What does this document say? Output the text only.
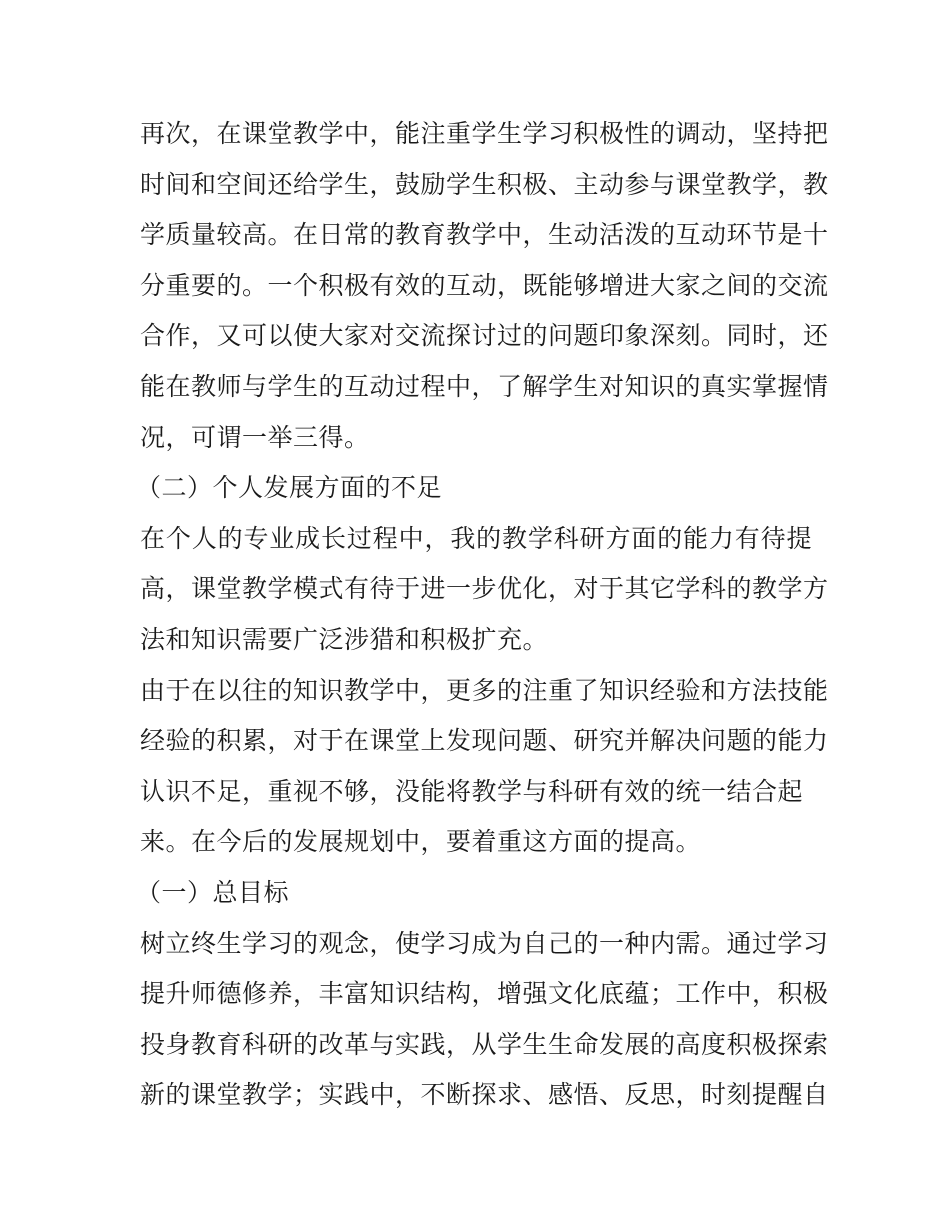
再次，在课堂教学中，能注重学生学习积极性的调动，坚持把
时间和空间还给学生，鼓励学生积极、主动参与课堂教学，教
学质量较高。在日常的教育教学中，生动活泼的互动环节是十
分重要的。一个积极有效的互动，既能够增进大家之间的交流
合作，又可以使大家对交流探讨过的问题印象深刻。同时，还
能在教师与学生的互动过程中，了解学生对知识的真实掌握情
况，可谓一举三得。
（二）个人发展方面的不足
在个人的专业成长过程中，我的教学科研方面的能力有待提
高，课堂教学模式有待于进一步优化，对于其它学科的教学方
法和知识需要广泛涉猎和积极扩充。
由于在以往的知识教学中，更多的注重了知识经验和方法技能
经验的积累，对于在课堂上发现问题、研究并解决问题的能力
认识不足，重视不够，没能将教学与科研有效的统一结合起
来。在今后的发展规划中，要着重这方面的提高。
（一）总目标
树立终生学习的观念，使学习成为自己的一种内需。通过学习
提升师德修养，丰富知识结构，增强文化底蕴；工作中，积极
投身教育科研的改革与实践，从学生生命发展的高度积极探索
新的课堂教学；实践中，不断探求、感悟、反思，时刻提醒自
